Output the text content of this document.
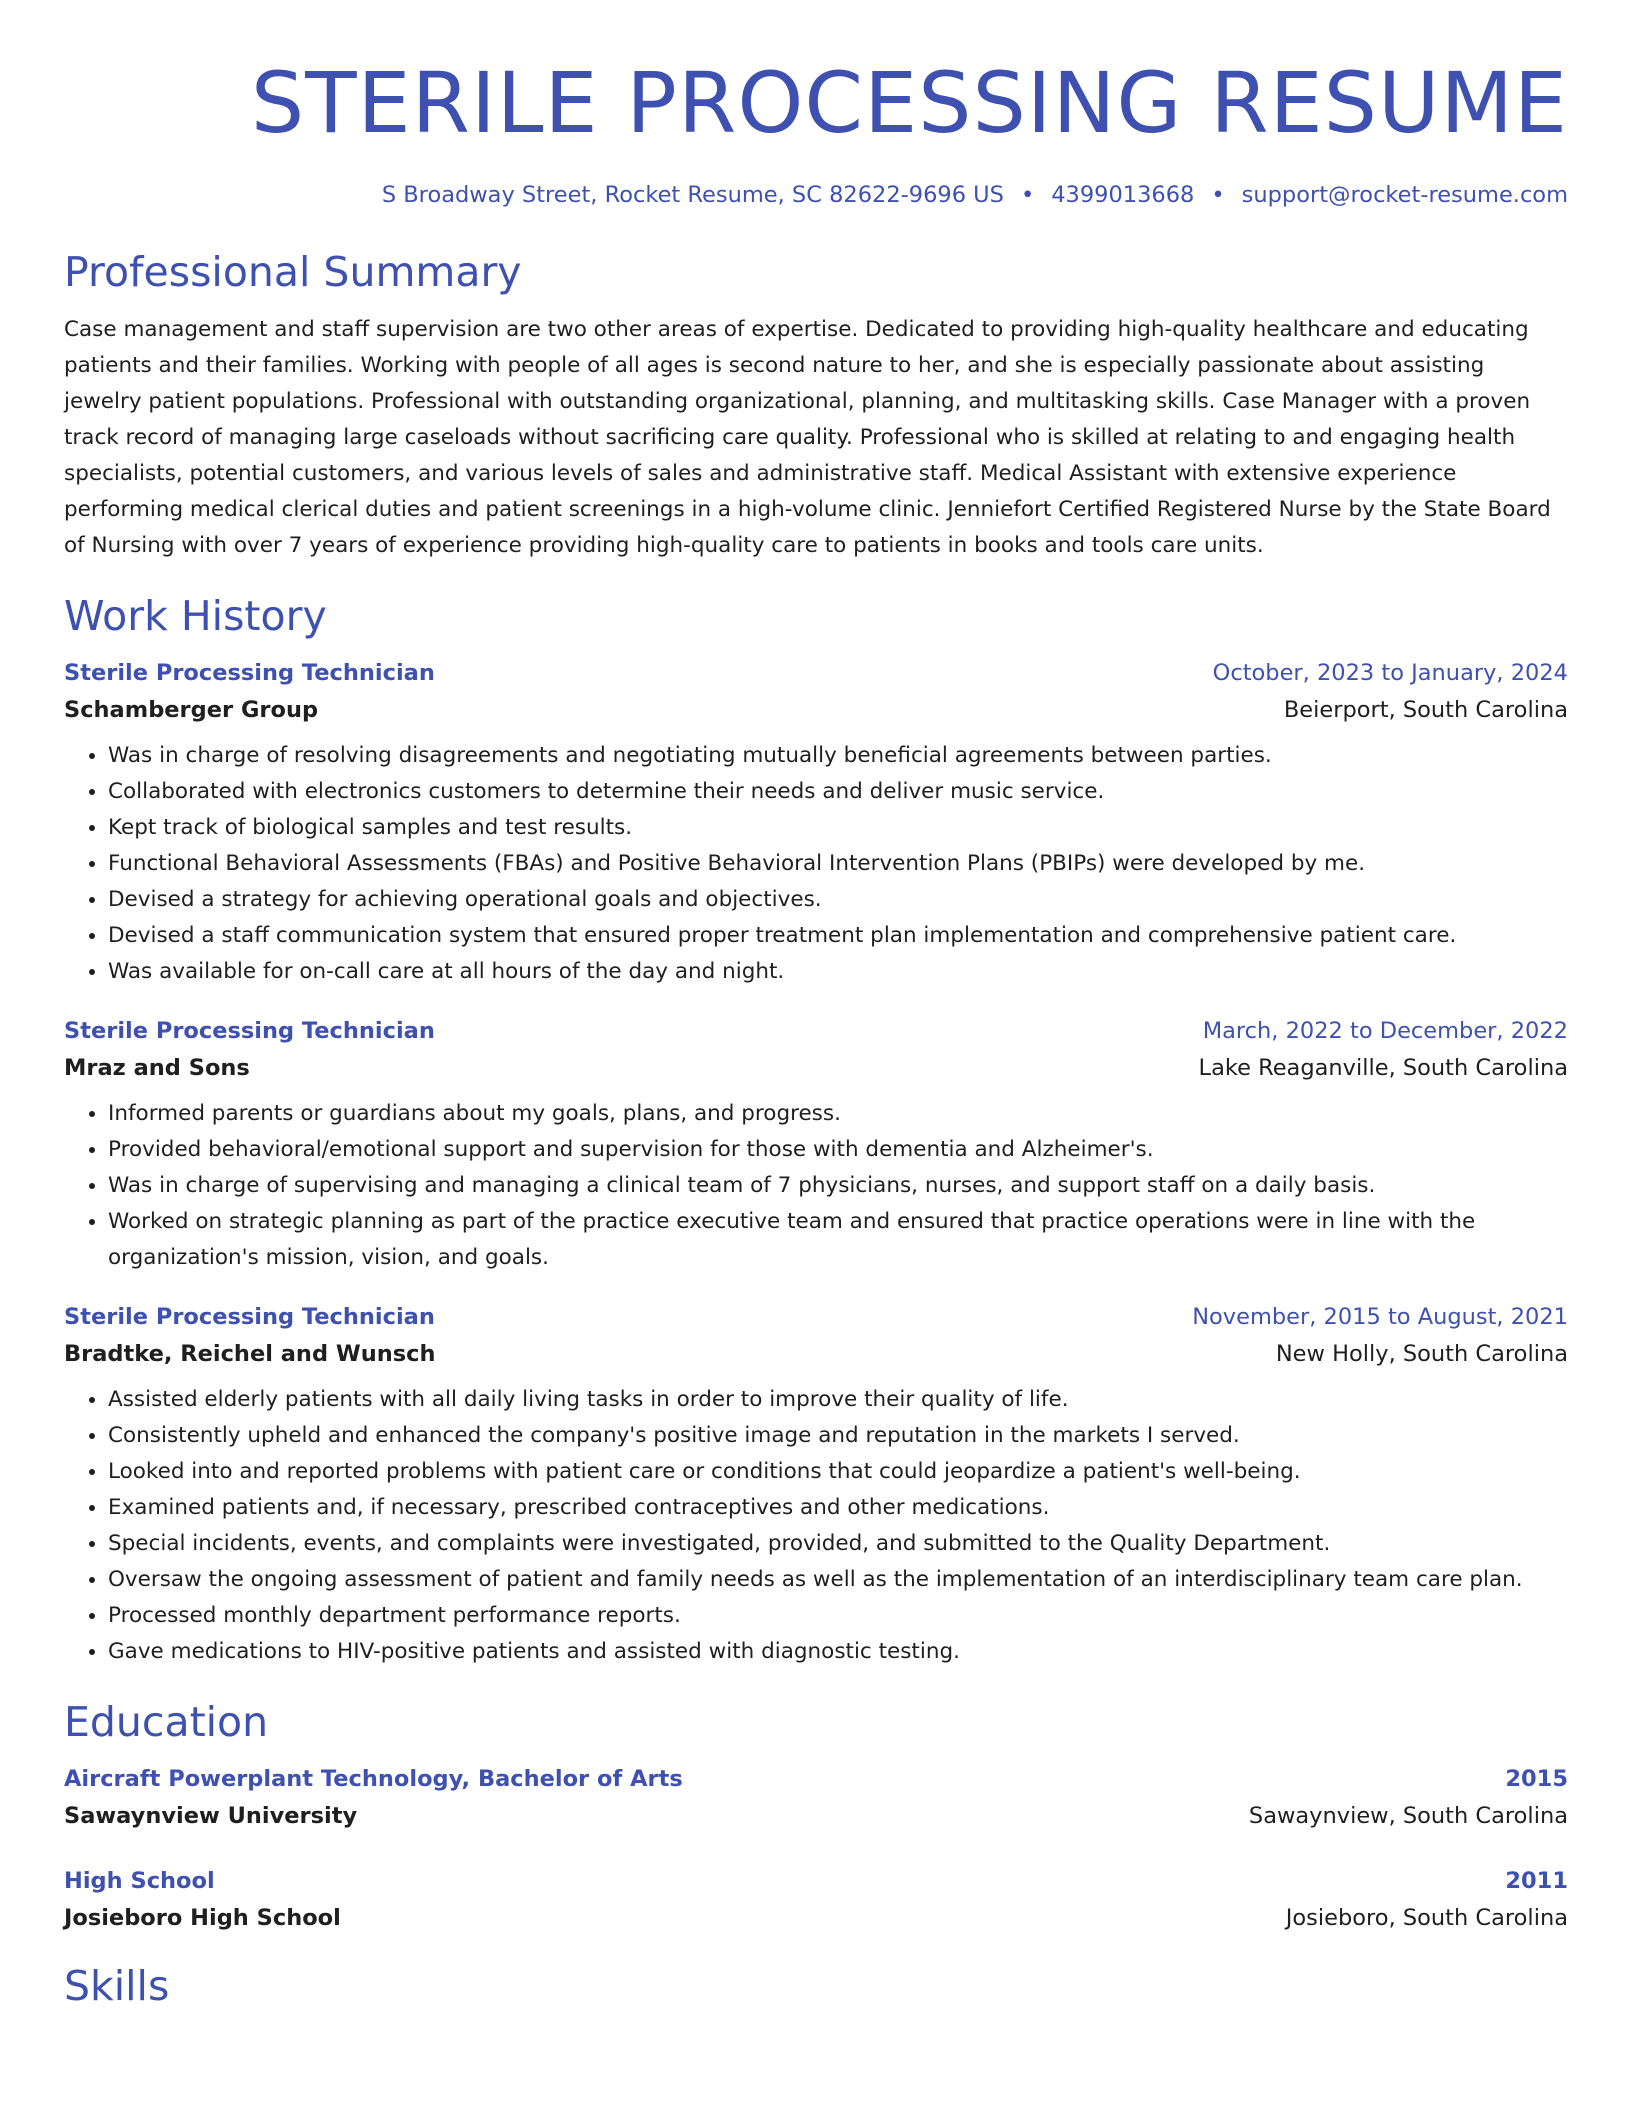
STERILE PROCESSING RESUME
S Broadway Street, Rocket Resume, SC 82622-9696 US • 4399013668 • support@rocket-resume.com
Professional Summary
Case management and staff supervision are two other areas of expertise. Dedicated to providing high-quality healthcare and educating patients and their families. Working with people of all ages is second nature to her, and she is especially passionate about assisting jewelry patient populations. Professional with outstanding organizational, planning, and multitasking skills. Case Manager with a proven track record of managing large caseloads without sacrificing care quality. Professional who is skilled at relating to and engaging health specialists, potential customers, and various levels of sales and administrative staff. Medical Assistant with extensive experience performing medical clerical duties and patient screenings in a high-volume clinic. Jenniefort Certified Registered Nurse by the State Board of Nursing with over 7 years of experience providing high-quality care to patients in books and tools care units.
Work History
Sterile Processing Technician	October, 2023 to January, 2024
Schamberger Group	Beierport, South Carolina
• Was in charge of resolving disagreements and negotiating mutually beneficial agreements between parties.
• Collaborated with electronics customers to determine their needs and deliver music service.
• Kept track of biological samples and test results.
• Functional Behavioral Assessments (FBAs) and Positive Behavioral Intervention Plans (PBIPs) were developed by me.
• Devised a strategy for achieving operational goals and objectives.
• Devised a staff communication system that ensured proper treatment plan implementation and comprehensive patient care.
• Was available for on-call care at all hours of the day and night.
Sterile Processing Technician	March, 2022 to December, 2022
Mraz and Sons	Lake Reaganville, South Carolina
• Informed parents or guardians about my goals, plans, and progress.
• Provided behavioral/emotional support and supervision for those with dementia and Alzheimer's.
• Was in charge of supervising and managing a clinical team of 7 physicians, nurses, and support staff on a daily basis.
• Worked on strategic planning as part of the practice executive team and ensured that practice operations were in line with the organization's mission, vision, and goals.
Sterile Processing Technician	November, 2015 to August, 2021
Bradtke, Reichel and Wunsch	New Holly, South Carolina
• Assisted elderly patients with all daily living tasks in order to improve their quality of life.
• Consistently upheld and enhanced the company's positive image and reputation in the markets I served.
• Looked into and reported problems with patient care or conditions that could jeopardize a patient's well-being.
• Examined patients and, if necessary, prescribed contraceptives and other medications.
• Special incidents, events, and complaints were investigated, provided, and submitted to the Quality Department.
• Oversaw the ongoing assessment of patient and family needs as well as the implementation of an interdisciplinary team care plan.
• Processed monthly department performance reports.
• Gave medications to HIV-positive patients and assisted with diagnostic testing.
Education
Aircraft Powerplant Technology, Bachelor of Arts	2015
Sawaynview University	Sawaynview, South Carolina
High School	2011
Josieboro High School	Josieboro, South Carolina
Skills
